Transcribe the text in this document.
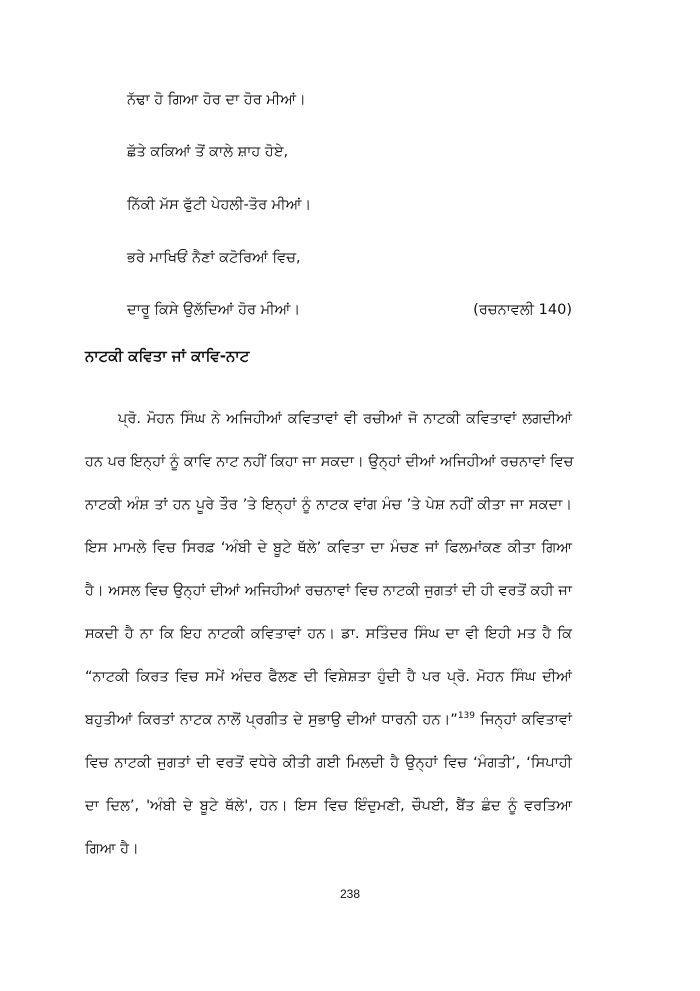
ਨੱਢਾ ਹੋ ਗਿਆ ਹੋਰ ਦਾ ਹੋਰ ਮੀਆਂ।
ਛੱਤੇ ਕਕਿਆਂ ਤੋਂ ਕਾਲੇ ਸ਼ਾਹ ਹੋਏ,
ਨਿੱਕੀ ਮੱਸ ਫੁੱਟੀ ਪੇਹਲੀ-ਤੋਰ ਮੀਆਂ।
ਭਰੇ ਮਾਖਿਓਂ ਨੈਣਾਂ ਕਟੋਰਿਆਂ ਵਿਚ,
ਦਾਰੂ ਕਿਸੇ ਉਲੱਦਿਆਂ ਹੋਰ ਮੀਆਂ।	(ਰਚਨਾਵਲੀ 140)
ਨਾਟਕੀ ਕਵਿਤਾ ਜਾਂ ਕਾਵਿ-ਨਾਟ
ਪ੍ਰੋ. ਮੋਹਨ ਸਿੰਘ ਨੇ ਅਜਿਹੀਆਂ ਕਵਿਤਾਵਾਂ ਵੀ ਰਚੀਆਂ ਜੋ ਨਾਟਕੀ ਕਵਿਤਾਵਾਂ ਲਗਦੀਆਂ
ਹਨ ਪਰ ਇਨ੍ਹਾਂ ਨੂੰ ਕਾਵਿ ਨਾਟ ਨਹੀਂ ਕਿਹਾ ਜਾ ਸਕਦਾ। ਉਨ੍ਹਾਂ ਦੀਆਂ ਅਜਿਹੀਆਂ ਰਚਨਾਵਾਂ ਵਿਚ
ਨਾਟਕੀ ਅੰਸ਼ ਤਾਂ ਹਨ ਪੂਰੇ ਤੌਰ ’ਤੇ ਇਨ੍ਹਾਂ ਨੂੰ ਨਾਟਕ ਵਾਂਗ ਮੰਚ ’ਤੇ ਪੇਸ਼ ਨਹੀਂ ਕੀਤਾ ਜਾ ਸਕਦਾ।
ਇਸ ਮਾਮਲੇ ਵਿਚ ਸਿਰਫ਼ ‘ਅੰਬੀ ਦੇ ਬੂਟੇ ਥੱਲੇ’ ਕਵਿਤਾ ਦਾ ਮੰਚਣ ਜਾਂ ਫਿਲਮਾਂਕਣ ਕੀਤਾ ਗਿਆ
ਹੈ। ਅਸਲ ਵਿਚ ਉਨ੍ਹਾਂ ਦੀਆਂ ਅਜਿਹੀਆਂ ਰਚਨਾਵਾਂ ਵਿਚ ਨਾਟਕੀ ਜੁਗਤਾਂ ਦੀ ਹੀ ਵਰਤੋਂ ਕਹੀ ਜਾ
ਸਕਦੀ ਹੈ ਨਾ ਕਿ ਇਹ ਨਾਟਕੀ ਕਵਿਤਾਵਾਂ ਹਨ। ਡਾ. ਸਤਿੰਦਰ ਸਿੰਘ ਦਾ ਵੀ ਇਹੀ ਮਤ ਹੈ ਕਿ
“ਨਾਟਕੀ ਕਿਰਤ ਵਿਚ ਸਮੇਂ ਅੰਦਰ ਫੈਲਣ ਦੀ ਵਿਸ਼ੇਸ਼ਤਾ ਹੁੰਦੀ ਹੈ ਪਰ ਪ੍ਰੋ. ਮੋਹਨ ਸਿੰਘ ਦੀਆਂ
ਬਹੁਤੀਆਂ ਕਿਰਤਾਂ ਨਾਟਕ ਨਾਲੋਂ ਪ੍ਰਗੀਤ ਦੇ ਸੁਭਾਉ ਦੀਆਂ ਧਾਰਨੀ ਹਨ।”$^{139}$ ਜਿਨ੍ਹਾਂ ਕਵਿਤਾਵਾਂ
ਵਿਚ ਨਾਟਕੀ ਜੁਗਤਾਂ ਦੀ ਵਰਤੋਂ ਵਧੇਰੇ ਕੀਤੀ ਗਈ ਮਿਲਦੀ ਹੈ ਉਨ੍ਹਾਂ ਵਿਚ ‘ਮੰਗਤੀ’, ‘ਸਿਪਾਹੀ
ਦਾ ਦਿਲ’, 'ਅੰਬੀ ਦੇ ਬੂਟੇ ਥੱਲੇ', ਹਨ। ਇਸ ਵਿਚ ਇੰਦੁਮਣੀ, ਚੌਪਈ, ਬੈਂਤ ਛੰਦ ਨੂੰ ਵਰਤਿਆ
ਗਿਆ ਹੈ।
238
